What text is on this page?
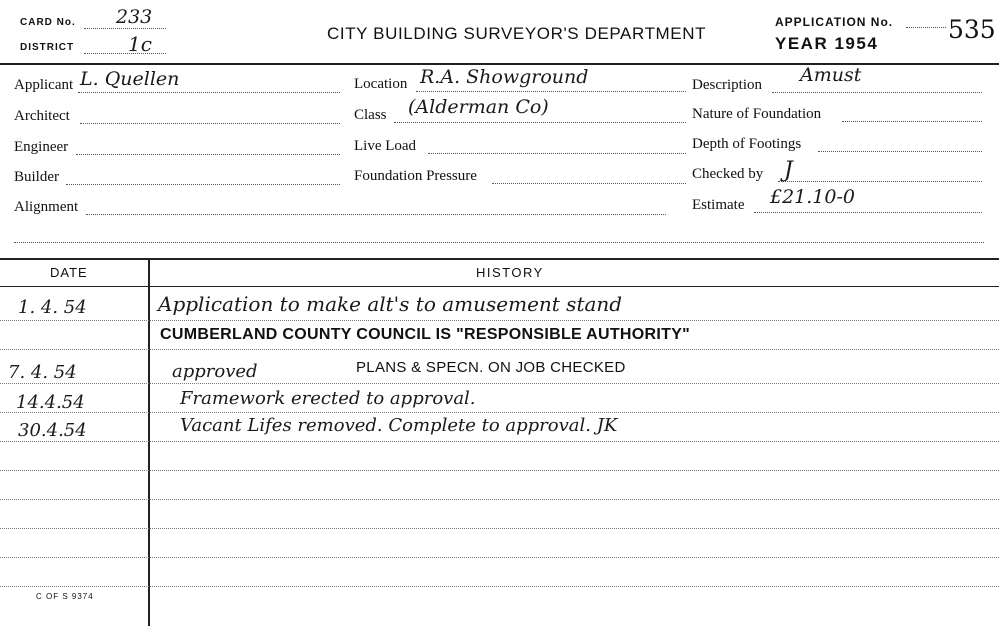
CARD No. 233
DISTRICT	1c	CITY BUILDING SURVEYOR'S DEPARTMENT
APPLICATION No. 535
YEAR 1954
Applicant L. Quellen
Architect
Engineer
Builder
Alignment
Location R.A. Showground
Class (Alderman Co)
Live Load
Foundation Pressure
Description Amust
Nature of Foundation
Depth of Footings
Checked by J
Estimate £21.10-0
DATE	HISTORY
1. 4. 54	Application to make alt's to amusement stand
CUMBERLAND COUNTY COUNCIL IS "RESPONSIBLE AUTHORITY"
7. 4. 54	approved	PLANS & SPECN. ON JOB CHECKED
14.4.54	Framework erected to approval.
30.4.54	Vacant Lifes removed. Complete to approval. JK
C OF S 9374
